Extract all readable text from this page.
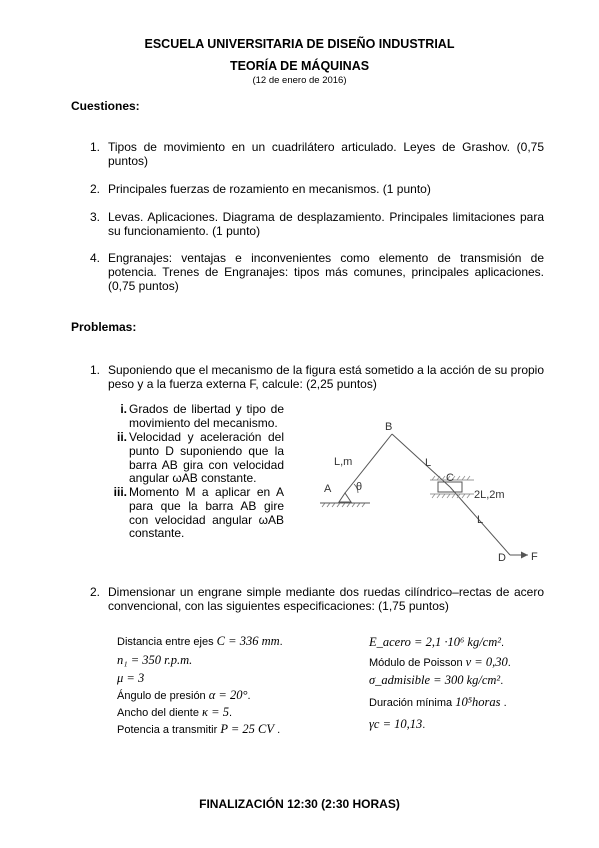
ESCUELA UNIVERSITARIA DE DISEÑO INDUSTRIAL
TEORÍA DE MÁQUINAS
(12 de enero de 2016)
Cuestiones:
1. Tipos de movimiento en un cuadrilátero articulado. Leyes de Grashov. (0,75 puntos)
2. Principales fuerzas de rozamiento en mecanismos. (1 punto)
3. Levas. Aplicaciones. Diagrama de desplazamiento. Principales limitaciones para su funcionamiento. (1 punto)
4. Engranajes: ventajas e inconvenientes como elemento de transmisión de potencia. Trenes de Engranajes: tipos más comunes, principales aplicaciones. (0,75 puntos)
Problemas:
1. Suponiendo que el mecanismo de la figura está sometido a la acción de su propio peso y a la fuerza externa F, calcule: (2,25 puntos)
i. Grados de libertad y tipo de movimiento del mecanismo.
ii. Velocidad y aceleración del punto D suponiendo que la barra AB gira con velocidad angular ωAB constante.
iii. Momento M a aplicar en A para que la barra AB gire con velocidad angular ωAB constante.
B
A
C
D F
L,m	L
L
2L,2m
θ
2. Dimensionar un engrane simple mediante dos ruedas cilíndrico–rectas de acero convencional, con las siguientes especificaciones: (1,75 puntos)
Distancia entre ejes C = 336 mm.
n₁ = 350 r.p.m.
μ = 3
Ángulo de presión α = 20°.
Ancho del diente κ = 5.
Potencia a transmitir P = 25 CV .
E_acero = 2,1 ·10⁶ kg/cm².
Módulo de Poisson ν = 0,30.
σ_admisible = 300 kg/cm².
Duración mínima 10⁵horas .
γc = 10,13.
FINALIZACIÓN 12:30 (2:30 HORAS)
